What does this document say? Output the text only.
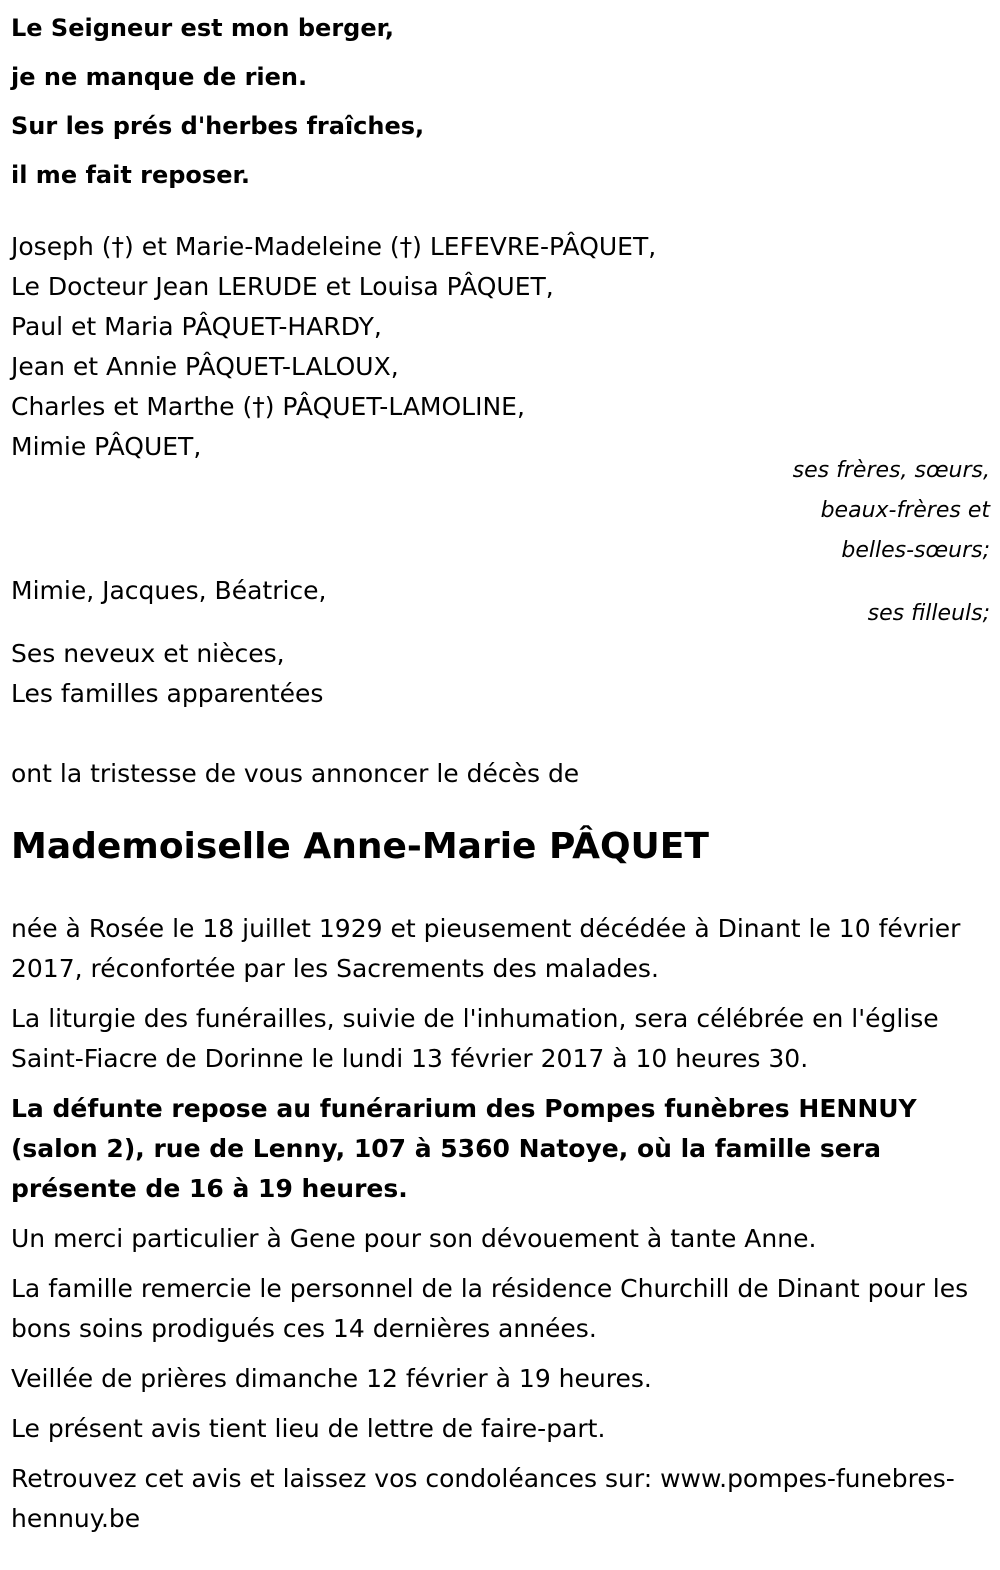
Le Seigneur est mon berger,
je ne manque de rien.
Sur les prés d'herbes fraîches,
il me fait reposer.
Joseph (†) et Marie-Madeleine (†) LEFEVRE-PÂQUET,
Le Docteur Jean LERUDE et Louisa PÂQUET,
Paul et Maria PÂQUET-HARDY,
Jean et Annie PÂQUET-LALOUX,
Charles et Marthe (†) PÂQUET-LAMOLINE,
Mimie PÂQUET,
ses frères, sœurs,
beaux-frères et
belles-sœurs;
Mimie, Jacques, Béatrice,
ses filleuls;
Ses neveux et nièces,
Les familles apparentées
ont la tristesse de vous annoncer le décès de
Mademoiselle Anne-Marie PÂQUET

née à Rosée le 18 juillet 1929 et pieusement décédée à Dinant le 10 février 2017, réconfortée par les Sacrements des malades.

La liturgie des funérailles, suivie de l'inhumation, sera célébrée en l'église Saint-Fiacre de Dorinne le lundi 13 février 2017 à 10 heures 30.

La défunte repose au funérarium des Pompes funèbres HENNUY (salon 2), rue de Lenny, 107 à 5360 Natoye, où la famille sera présente de 16 à 19 heures.

Un merci particulier à Gene pour son dévouement à tante Anne.

La famille remercie le personnel de la résidence Churchill de Dinant pour les bons soins prodigués ces 14 dernières années.

Veillée de prières dimanche 12 février à 19 heures.

Le présent avis tient lieu de lettre de faire-part.

Retrouvez cet avis et laissez vos condoléances sur: www.pompes-funebres-hennuy.be
